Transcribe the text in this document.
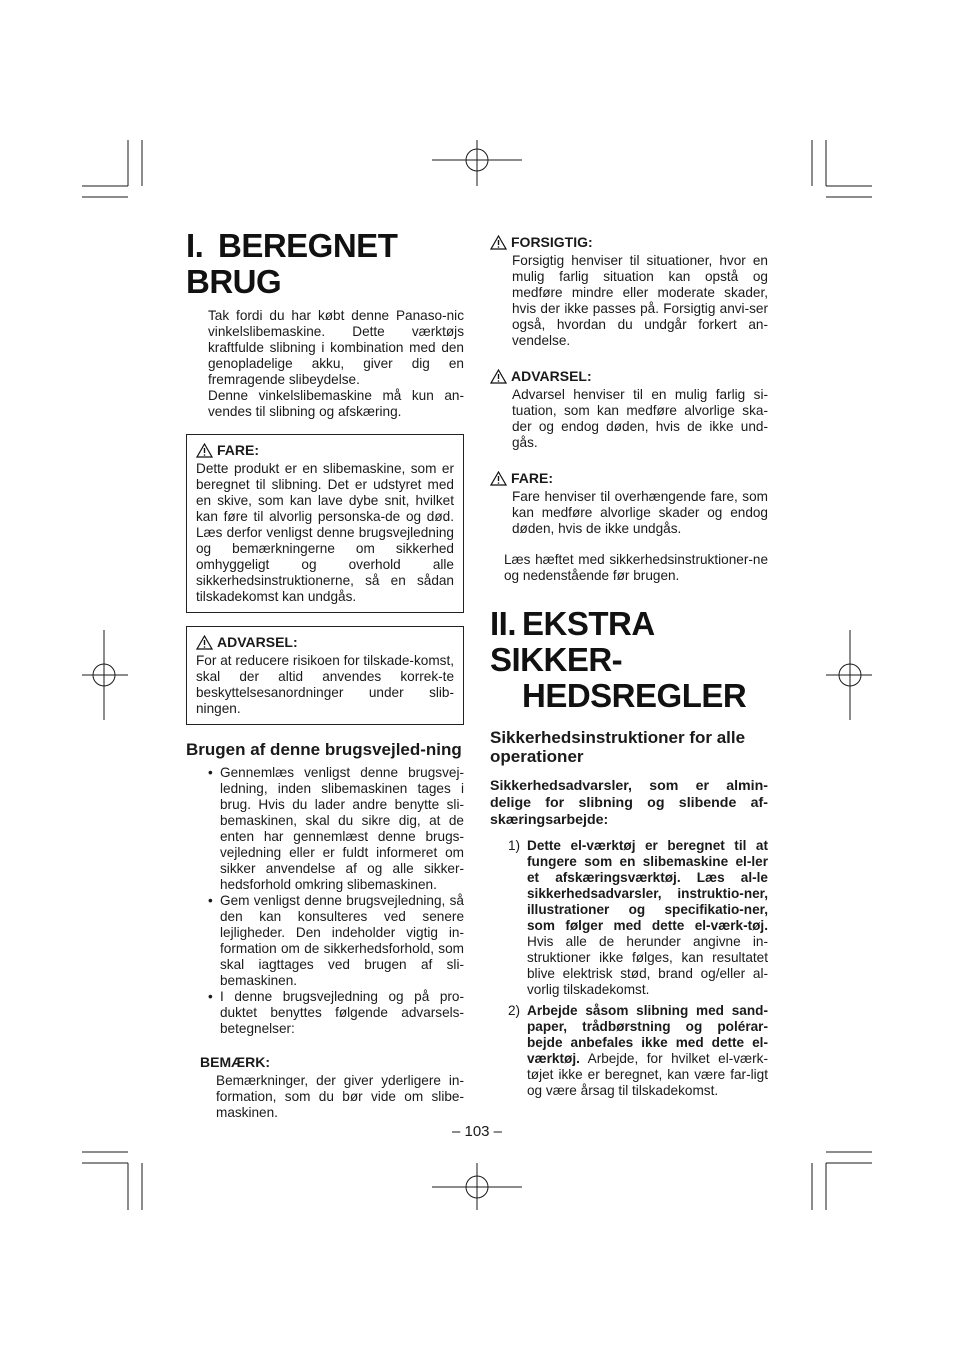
I. BEREGNET BRUG

Tak fordi du har købt denne Panaso-nic vinkelslibemaskine. Dette værktøjs kraftfulde slibning i kombination med den genopladelige akku, giver dig en fremragende slibeydelse.

Denne vinkelslibemaskine må kun an-vendes til slibning og afskæring.

FARE:

Dette produkt er en slibemaskine, som er beregnet til slibning. Det er udstyret med en skive, som kan lave dybe snit, hvilket kan føre til alvorlig personska-de og død. Læs derfor venligst denne brugsvejledning og bemærkningerne om sikkerhed omhyggeligt og overhold alle sikkerhedsinstruktionerne, så en sådan tilskadekomst kan undgås.

ADVARSEL:

For at reducere risikoen for tilskade-komst, skal der altid anvendes korrek-te beskyttelsesanordninger under slib-ningen.

Brugen af denne brugsvejled-ning
• Gennemlæs venligst denne brugsvej-ledning, inden slibemaskinen tages i brug. Hvis du lader andre benytte sli-bemaskinen, skal du sikre dig, at de enten har gennemlæst denne brugs-vejledning eller er fuldt informeret om sikker anvendelse af og alle sikker-hedsforhold omkring slibemaskinen.
• Gem venligst denne brugsvejledning, så den kan konsulteres ved senere lejligheder. Den indeholder vigtig in-formation om de sikkerhedsforhold, som skal iagttages ved brugen af sli-bemaskinen.
• I denne brugsvejledning og på pro-duktet benyttes følgende advarsels-betegnelser:
BEMÆRK:

Bemærkninger, der giver yderligere in-formation, som du bør vide om slibe-maskinen.

FORSIGTIG:

Forsigtig henviser til situationer, hvor en mulig farlig situation kan opstå og medføre mindre eller moderate skader, hvis der ikke passes på. Forsigtig anvi-ser også, hvordan du undgår forkert an-vendelse.

ADVARSEL:

Advarsel henviser til en mulig farlig si-tuation, som kan medføre alvorlige ska-der og endog døden, hvis de ikke und-gås.

FARE:

Fare henviser til overhængende fare, som kan medføre alvorlige skader og endog døden, hvis de ikke undgås.

Læs hæftet med sikkerhedsinstruktioner-ne og nedenstående før brugen.

II. EKSTRA SIKKER-
HEDSREGLER
Sikkerhedsinstruktioner for alle operationer

Sikkerhedsadvarsler, som er almin-delige for slibning og slibende af-skæringsarbejde:

1) Dette el-værktøj er beregnet til at fungere som en slibemaskine el-ler et afskæringsværktøj. Læs al-le sikkerhedsadvarsler, instruktio-ner, illustrationer og specifikatio-ner, som følger med dette el-værk-tøj. Hvis alle de herunder angivne in-struktioner ikke følges, kan resultatet blive elektrisk stød, brand og/eller al-vorlig tilskadekomst.
2) Arbejde såsom slibning med sand-paper, trådbørstning og polérar-bejde anbefales ikke med dette el-værktøj. Arbejde, for hvilket el-værk-tøjet ikke er beregnet, kan være far-ligt og være årsag til tilskadekomst.
– 103 –
